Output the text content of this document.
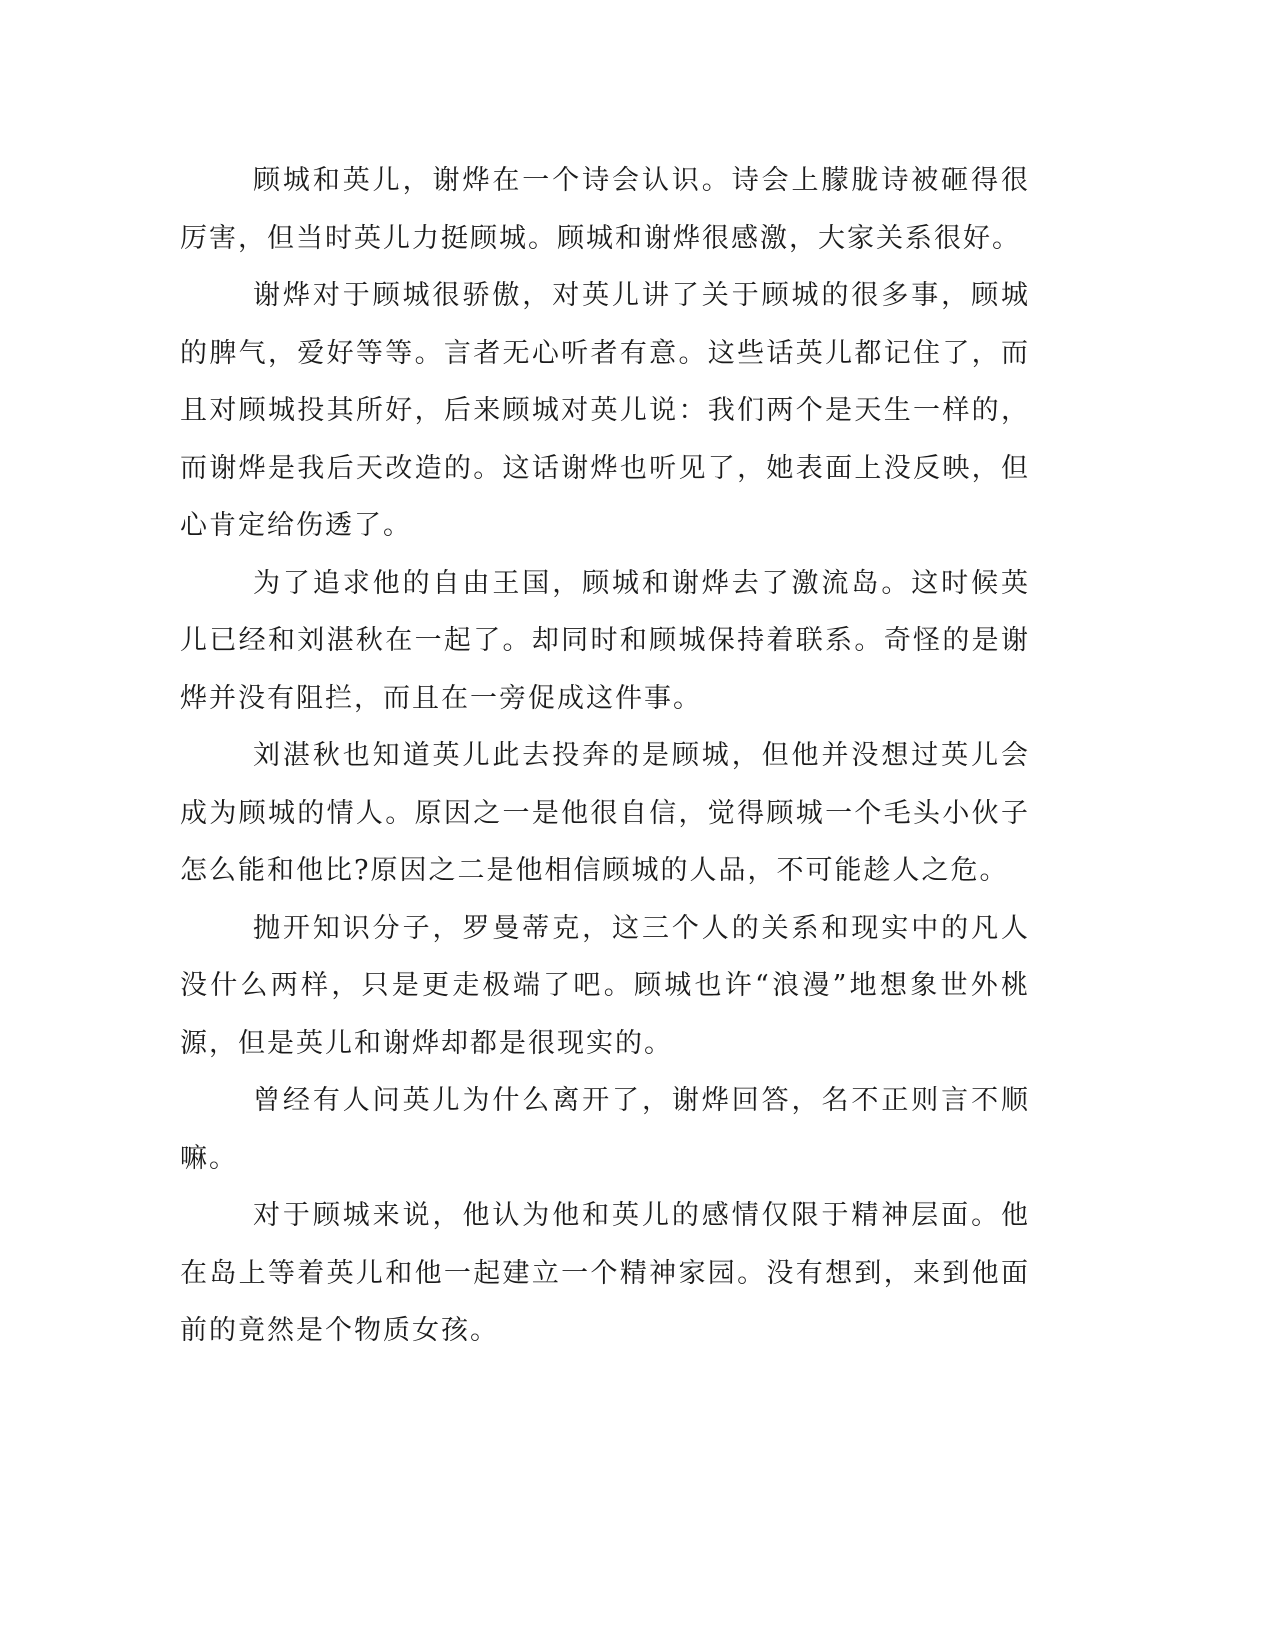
顾城和英儿，谢烨在一个诗会认识。诗会上朦胧诗被砸得很厉害，但当时英儿力挺顾城。顾城和谢烨很感激，大家关系很好。

谢烨对于顾城很骄傲，对英儿讲了关于顾城的很多事，顾城的脾气，爱好等等。言者无心听者有意。这些话英儿都记住了，而且对顾城投其所好，后来顾城对英儿说：我们两个是天生一样的，而谢烨是我后天改造的。这话谢烨也听见了，她表面上没反映，但心肯定给伤透了。

为了追求他的自由王国，顾城和谢烨去了激流岛。这时候英儿已经和刘湛秋在一起了。却同时和顾城保持着联系。奇怪的是谢烨并没有阻拦，而且在一旁促成这件事。

刘湛秋也知道英儿此去投奔的是顾城，但他并没想过英儿会成为顾城的情人。原因之一是他很自信，觉得顾城一个毛头小伙子怎么能和他比?原因之二是他相信顾城的人品，不可能趁人之危。

抛开知识分子，罗曼蒂克，这三个人的关系和现实中的凡人没什么两样，只是更走极端了吧。顾城也许“浪漫”地想象世外桃源，但是英儿和谢烨却都是很现实的。

曾经有人问英儿为什么离开了，谢烨回答，名不正则言不顺嘛。

对于顾城来说，他认为他和英儿的感情仅限于精神层面。他在岛上等着英儿和他一起建立一个精神家园。没有想到，来到他面前的竟然是个物质女孩。
